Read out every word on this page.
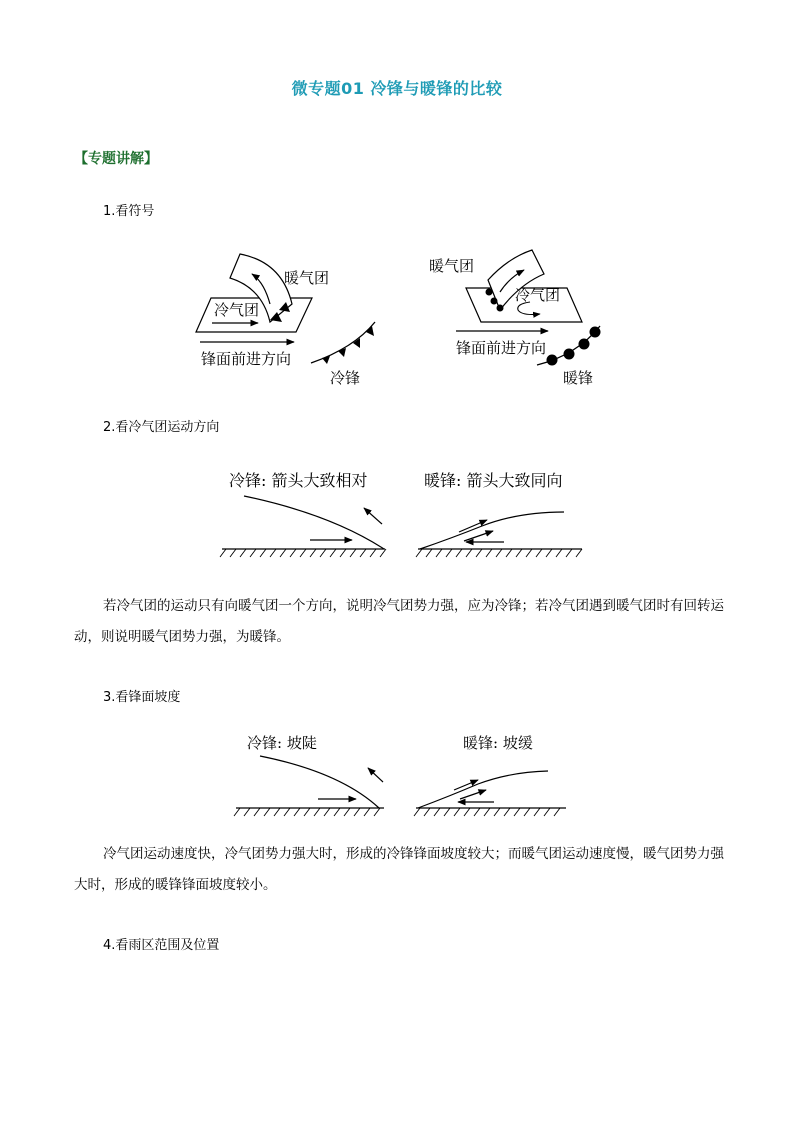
微专题01 冷锋与暖锋的比较
【专题讲解】
1.看符号
暖气团
冷气团
锋面前进方向
冷锋
暖气团
冷气团
锋面前进方向
暖锋
2.看冷气团运动方向
冷锋: 箭头大致相对	暖锋: 箭头大致同向
若冷气团的运动只有向暖气团一个方向，说明冷气团势力强，应为冷锋；若冷气团遇到暖气团时有回转运动，则说明暖气团势力强，为暖锋。
3.看锋面坡度
冷锋: 坡陡	暖锋: 坡缓
冷气团运动速度快，冷气团势力强大时，形成的冷锋锋面坡度较大；而暖气团运动速度慢，暖气团势力强大时，形成的暖锋锋面坡度较小。
4.看雨区范围及位置
